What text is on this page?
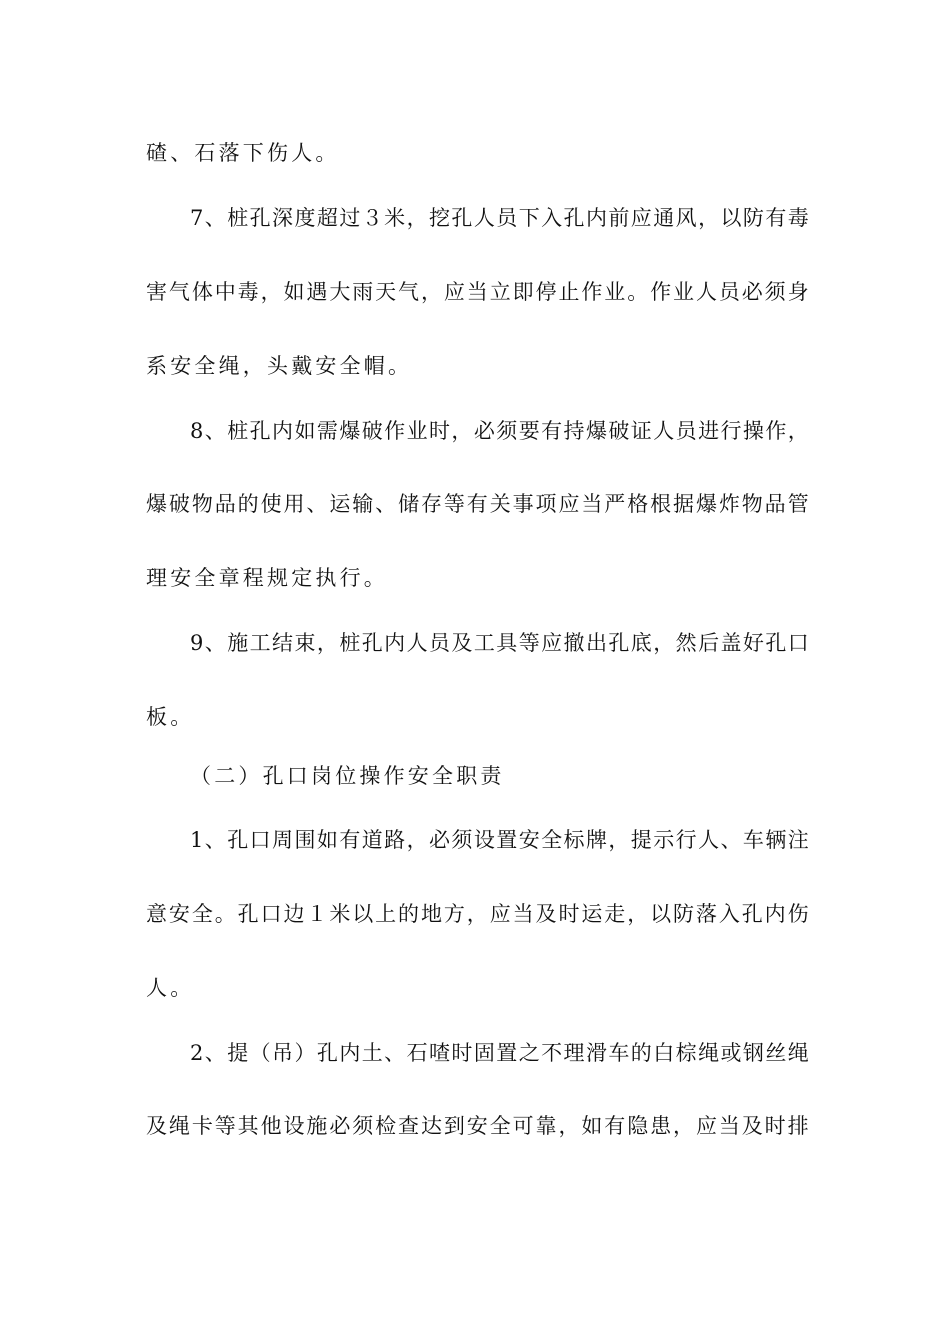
碴、石落下伤人。
7、桩孔深度超过３米，挖孔人员下入孔内前应通风，以防有毒
害气体中毒，如遇大雨天气，应当立即停止作业。作业人员必须身
系安全绳，头戴安全帽。
8、桩孔内如需爆破作业时，必须要有持爆破证人员进行操作，
爆破物品的使用、运输、储存等有关事项应当严格根据爆炸物品管
理安全章程规定执行。
9、施工结束，桩孔内人员及工具等应撤出孔底，然后盖好孔口
板。
（二）孔口岗位操作安全职责
1、孔口周围如有道路，必须设置安全标牌，提示行人、车辆注
意安全。孔口边１米以上的地方，应当及时运走，以防落入孔内伤
人。
2、提（吊）孔内土、石喳时固置之不理滑车的白棕绳或钢丝绳
及绳卡等其他设施必须检查达到安全可靠，如有隐患，应当及时排
